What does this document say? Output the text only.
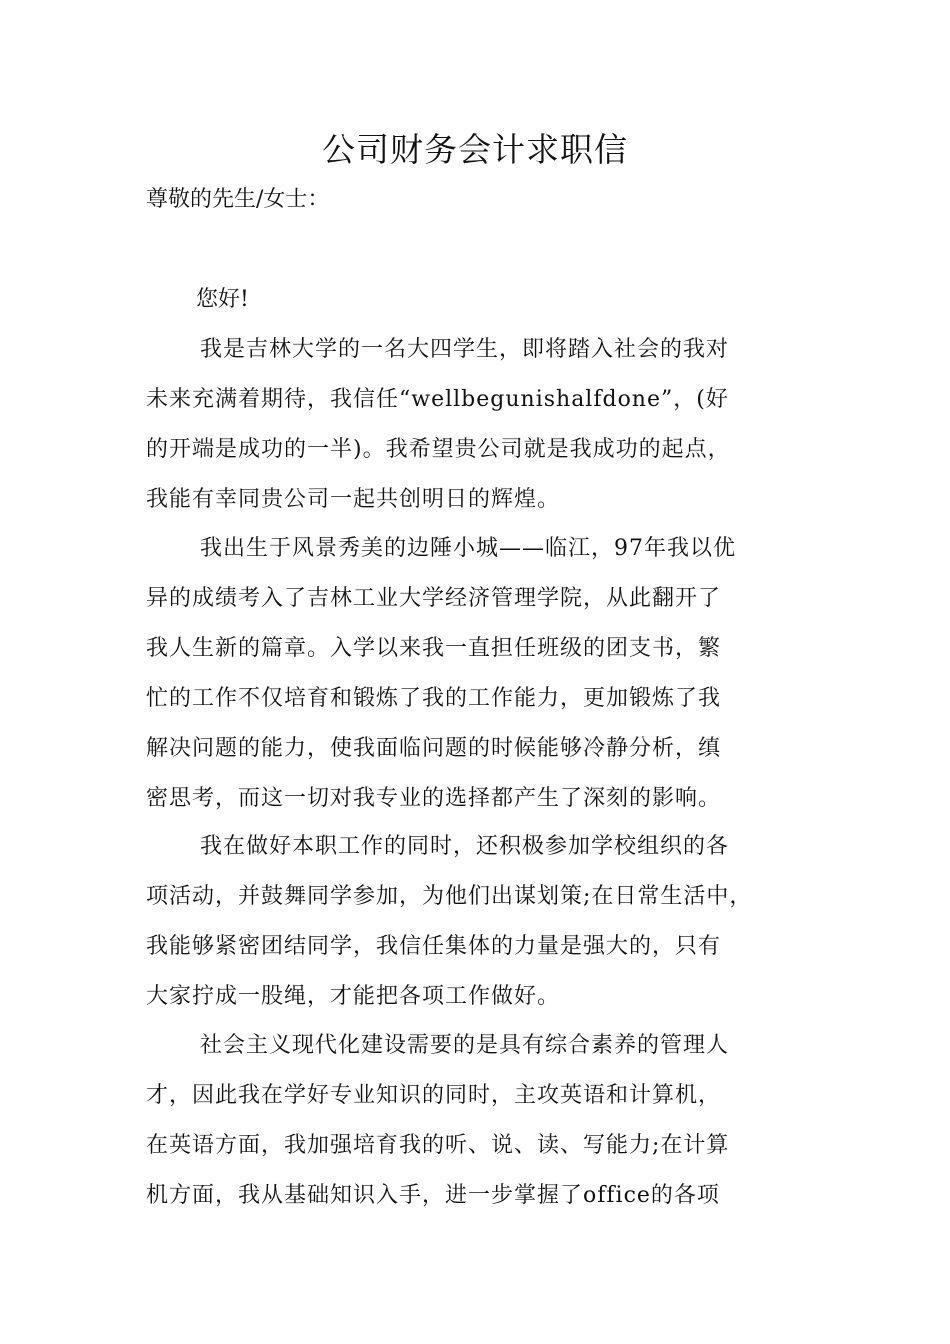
公司财务会计求职信
尊敬的先生/女士：
您好!
我是吉林大学的一名大四学生，即将踏入社会的我对
未来充满着期待，我信任“wellbegunishalfdone”，(好
的开端是成功的一半)。我希望贵公司就是我成功的起点，
我能有幸同贵公司一起共创明日的辉煌。
我出生于风景秀美的边陲小城——临江，97年我以优
异的成绩考入了吉林工业大学经济管理学院，从此翻开了
我人生新的篇章。入学以来我一直担任班级的团支书，繁
忙的工作不仅培育和锻炼了我的工作能力，更加锻炼了我
解决问题的能力，使我面临问题的时候能够冷静分析，缜
密思考，而这一切对我专业的选择都产生了深刻的影响。
我在做好本职工作的同时，还积极参加学校组织的各
项活动，并鼓舞同学参加，为他们出谋划策;在日常生活中，
我能够紧密团结同学，我信任集体的力量是强大的，只有
大家拧成一股绳，才能把各项工作做好。
社会主义现代化建设需要的是具有综合素养的管理人
才，因此我在学好专业知识的同时，主攻英语和计算机，
在英语方面，我加强培育我的听、说、读、写能力;在计算
机方面，我从基础知识入手，进一步掌握了office的各项
